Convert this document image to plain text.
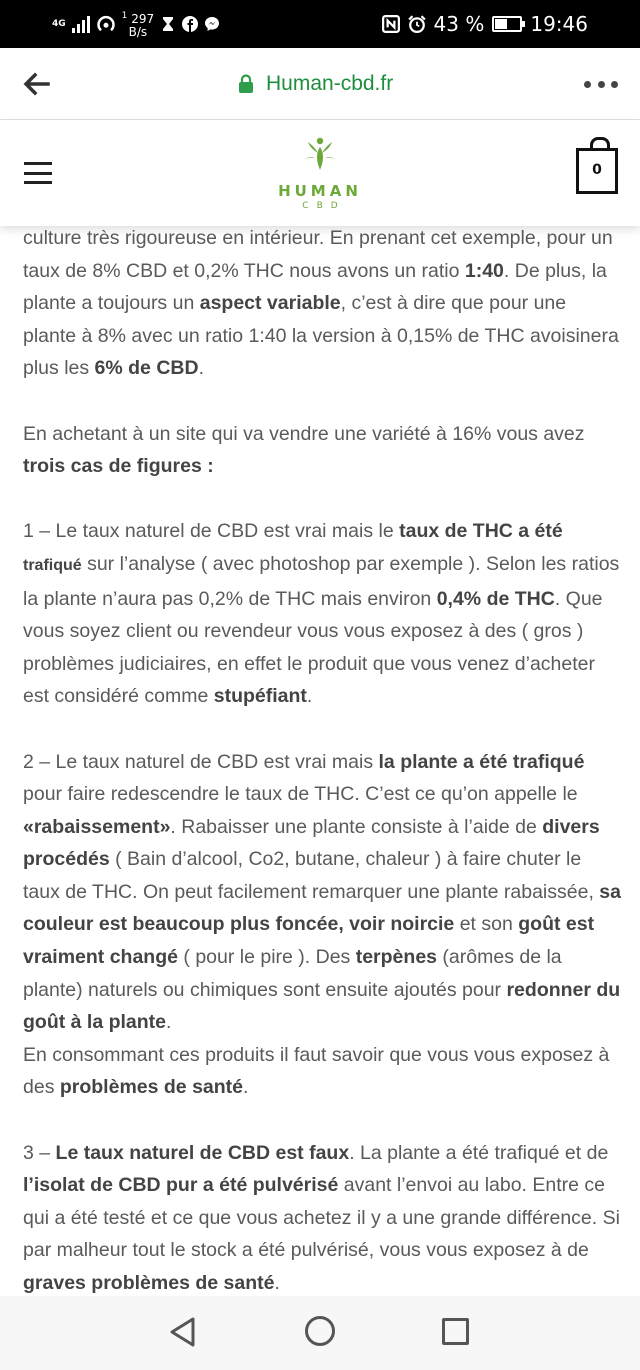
4G
$^1$ 297
B/s	43 % 19:46
Human-cbd.fr
HUMAN
CBD
0

culture très rigoureuse en intérieur. En prenant cet exemple, pour un taux de 8% CBD et 0,2% THC nous avons un ratio 1:40. De plus, la plante a toujours un aspect variable, c’est à dire que pour une plante à 8% avec un ratio 1:40 la version à 0,15% de THC avoisinera plus les 6% de CBD.

En achetant à un site qui va vendre une variété à 16% vous avez trois cas de figures :

1 – Le taux naturel de CBD est vrai mais le taux de THC a été trafiqué sur l’analyse ( avec photoshop par exemple ). Selon les ratios la plante n’aura pas 0,2% de THC mais environ 0,4% de THC. Que vous soyez client ou revendeur vous vous exposez à des ( gros ) problèmes judiciaires, en effet le produit que vous venez d’acheter est considéré comme stupéfiant.

2 – Le taux naturel de CBD est vrai mais la plante a été trafiqué pour faire redescendre le taux de THC. C’est ce qu’on appelle le «rabaissement». Rabaisser une plante consiste à l’aide de divers procédés ( Bain d’alcool, Co2, butane, chaleur ) à faire chuter le taux de THC. On peut facilement remarquer une plante rabaissée, sa couleur est beaucoup plus foncée, voir noircie et son goût est vraiment changé ( pour le pire ). Des terpènes (arômes de la plante) naturels ou chimiques sont ensuite ajoutés pour redonner du goût à la plante.
En consommant ces produits il faut savoir que vous vous exposez à des problèmes de santé.

3 – Le taux naturel de CBD est faux. La plante a été trafiqué et de l’isolat de CBD pur a été pulvérisé avant l’envoi au labo. Entre ce qui a été testé et ce que vous achetez il y a une grande différence. Si par malheur tout le stock a été pulvérisé, vous vous exposez à de graves problèmes de santé.
